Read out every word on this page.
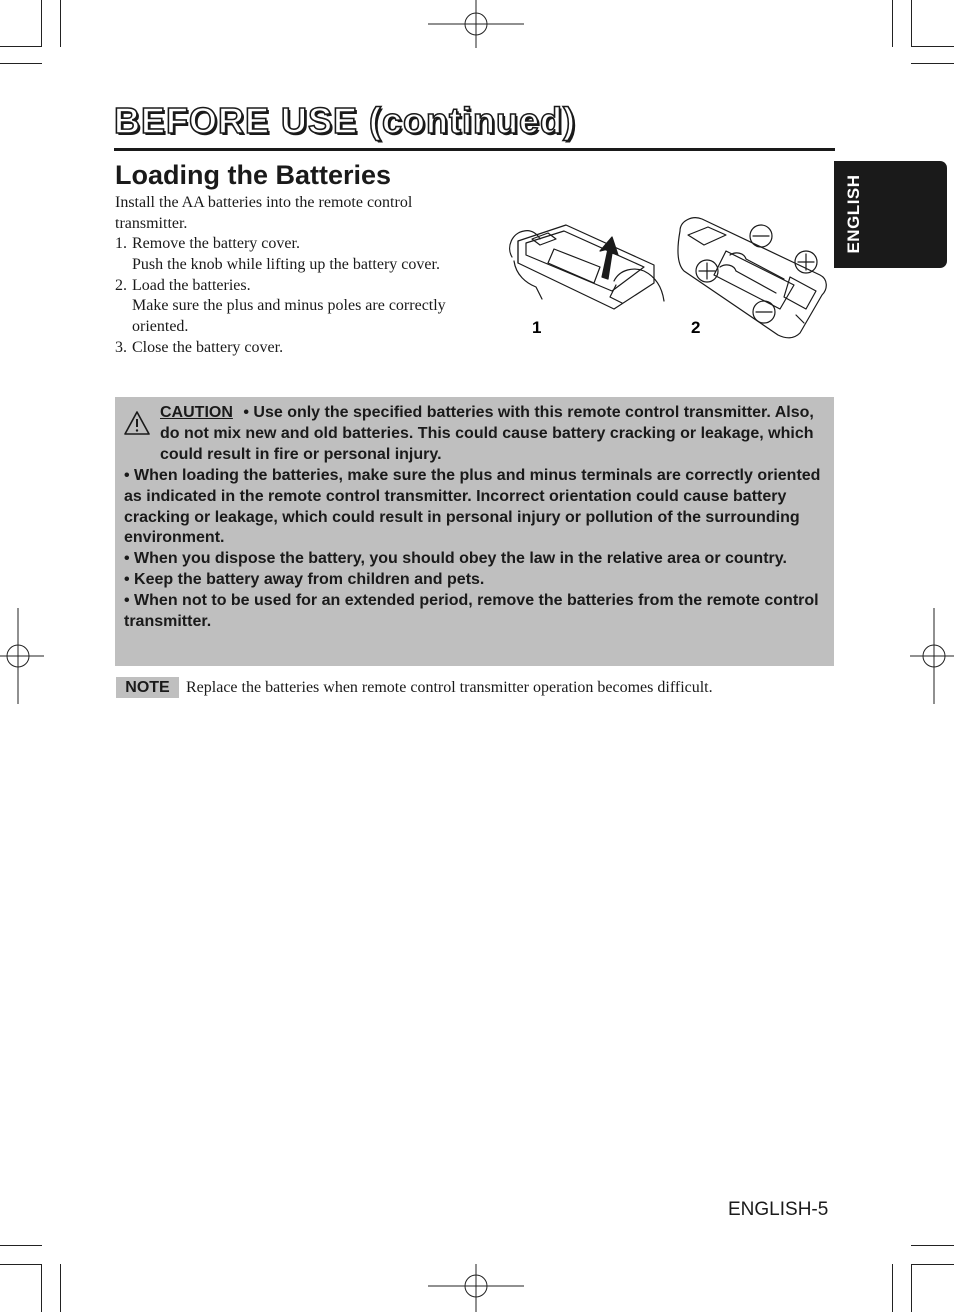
BEFORE USE (continued)
ENGLISH
Loading the Batteries

Install the AA batteries into the remote control transmitter.

1. Remove the battery cover.
Push the knob while lifting up the battery cover.
2. Load the batteries.
Make sure the plus and minus poles are correctly oriented.
3. Close the battery cover.
1	2

CAUTION • Use only the specified batteries with this remote control transmitter. Also, do not mix new and old batteries. This could cause battery cracking or leakage, which could result in fire or personal injury.

• When loading the batteries, make sure the plus and minus terminals are correctly oriented as indicated in the remote control transmitter. Incorrect orientation could cause battery cracking or leakage, which could result in personal injury or pollution of the surrounding environment.

• When you dispose the battery, you should obey the law in the relative area or country.

• Keep the battery away from children and pets.

• When not to be used for an extended period, remove the batteries from the remote control transmitter.

NOTE	Replace the batteries when remote control transmitter operation becomes difficult.
ENGLISH-5
